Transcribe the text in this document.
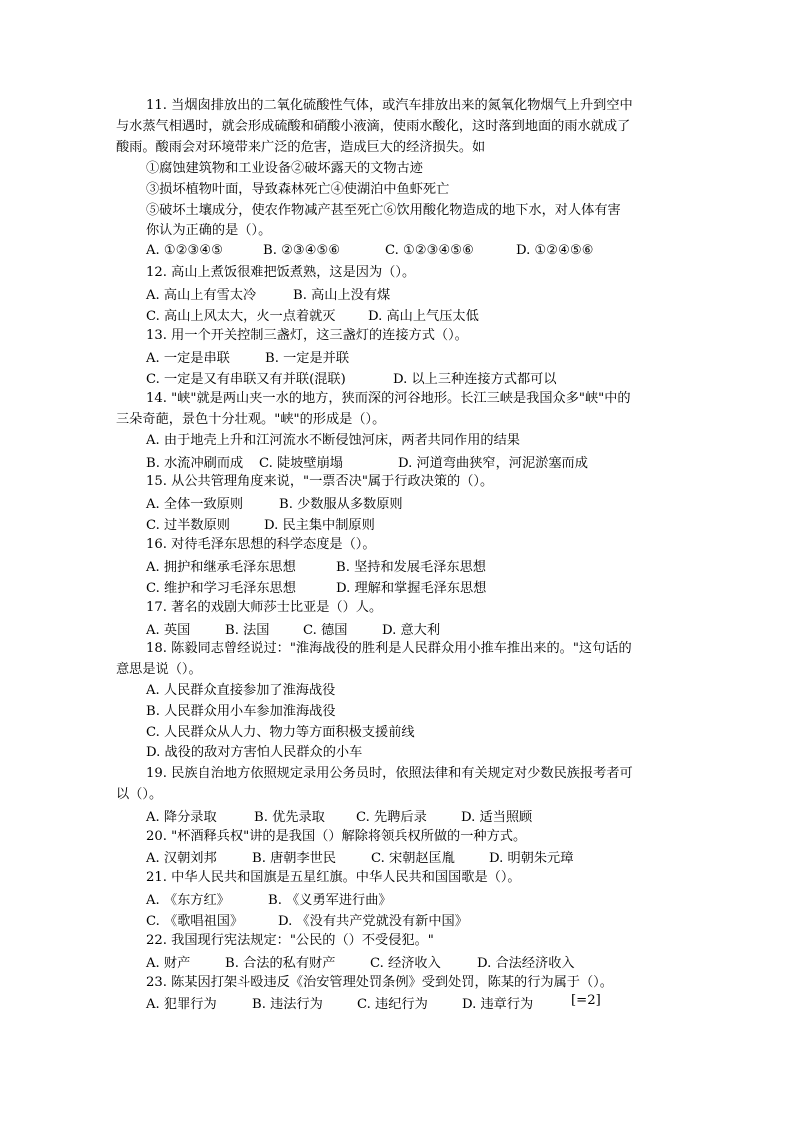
11. 当烟囱排放出的二氧化硫酸性气体，或汽车排放出来的氮氧化物烟气上升到空中
与水蒸气相遇时，就会形成硫酸和硝酸小液滴，使雨水酸化，这时落到地面的雨水就成了
酸雨。酸雨会对环境带来广泛的危害，造成巨大的经济损失。如
①腐蚀建筑物和工业设备②破坏露天的文物古迹
③损坏植物叶面，导致森林死亡④使湖泊中鱼虾死亡
⑤破坏土壤成分，使农作物减产甚至死亡⑥饮用酸化物造成的地下水，对人体有害
你认为正确的是（）。
A. ①②③④⑤	B. ②③④⑤⑥	C. ①②③④⑤⑥	D. ①②④⑤⑥
12. 高山上煮饭很难把饭煮熟，这是因为（）。
A. 高山上有雪太冷	B. 高山上没有煤
C. 高山上风太大，火一点着就灭 D. 高山上气压太低
13. 用一个开关控制三盏灯，这三盏灯的连接方式（）。
A. 一定是串联	B. 一定是并联
C. 一定是又有串联又有并联(混联)	D. 以上三种连接方式都可以
14. "峡"就是两山夹一水的地方，狭而深的河谷地形。长江三峡是我国众多"峡"中的
三朵奇葩，景色十分壮观。"峡"的形成是（）。
A. 由于地壳上升和江河流水不断侵蚀河床，两者共同作用的结果
B. 水流冲刷而成 C. 陡坡壁崩塌	D. 河道弯曲狭窄，河泥淤塞而成
15. 从公共管理角度来说，"一票否决"属于行政决策的（）。
A. 全体一致原则	B. 少数服从多数原则
C. 过半数原则	D. 民主集中制原则
16. 对待毛泽东思想的科学态度是（）。
A. 拥护和继承毛泽东思想	B. 坚持和发展毛泽东思想
C. 维护和学习毛泽东思想	D. 理解和掌握毛泽东思想
17. 著名的戏剧大师莎士比亚是（）人。
A. 英国	B. 法国	C. 德国	D. 意大利
18. 陈毅同志曾经说过："淮海战役的胜利是人民群众用小推车推出来的。"这句话的
意思是说（）。
A. 人民群众直接参加了淮海战役
B. 人民群众用小车参加淮海战役
C. 人民群众从人力、物力等方面积极支援前线
D. 战役的敌对方害怕人民群众的小车
19. 民族自治地方依照规定录用公务员时，依照法律和有关规定对少数民族报考者可
以（）。
A. 降分录取	B. 优先录取 C. 先聘后录	D. 适当照顾
20. "杯酒释兵权"讲的是我国（）解除将领兵权所做的一种方式。
A. 汉朝刘邦	B. 唐朝李世民	C. 宋朝赵匡胤	D. 明朝朱元璋
21. 中华人民共和国旗是五星红旗。中华人民共和国国歌是（）。
A. 《东方红》	B. 《义勇军进行曲》
C. 《歌唱祖国》	D. 《没有共产党就没有新中国》
22. 我国现行宪法规定："公民的（）不受侵犯。"
A. 财产	B. 合法的私有财产	C. 经济收入	D. 合法经济收入
23. 陈某因打架斗殴违反《治安管理处罚条例》受到处罚，陈某的行为属于（）。
A. 犯罪行为	B. 违法行为	C. 违纪行为	D. 违章行为	[=2]
